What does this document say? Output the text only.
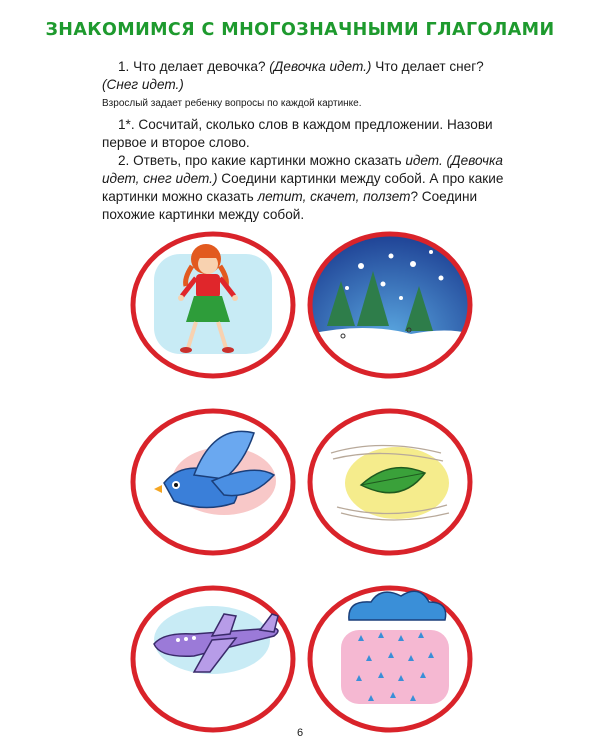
ЗНАКОМИМСЯ С МНОГОЗНАЧНЫМИ ГЛАГОЛАМИ
1. Что делает девочка? (Девочка идет.) Что делает снег? (Снег идет.)
Взрослый задает ребенку вопросы по каждой картинке.
1*. Сосчитай, сколько слов в каждом предложении. Назови первое и второе слово.
2. Ответь, про какие картинки можно сказать идет. (Девочка идет, снег идет.) Соедини картинки между собой. А про какие картинки можно сказать летит, скачет, ползет? Соедини похожие картинки между собой.
6
